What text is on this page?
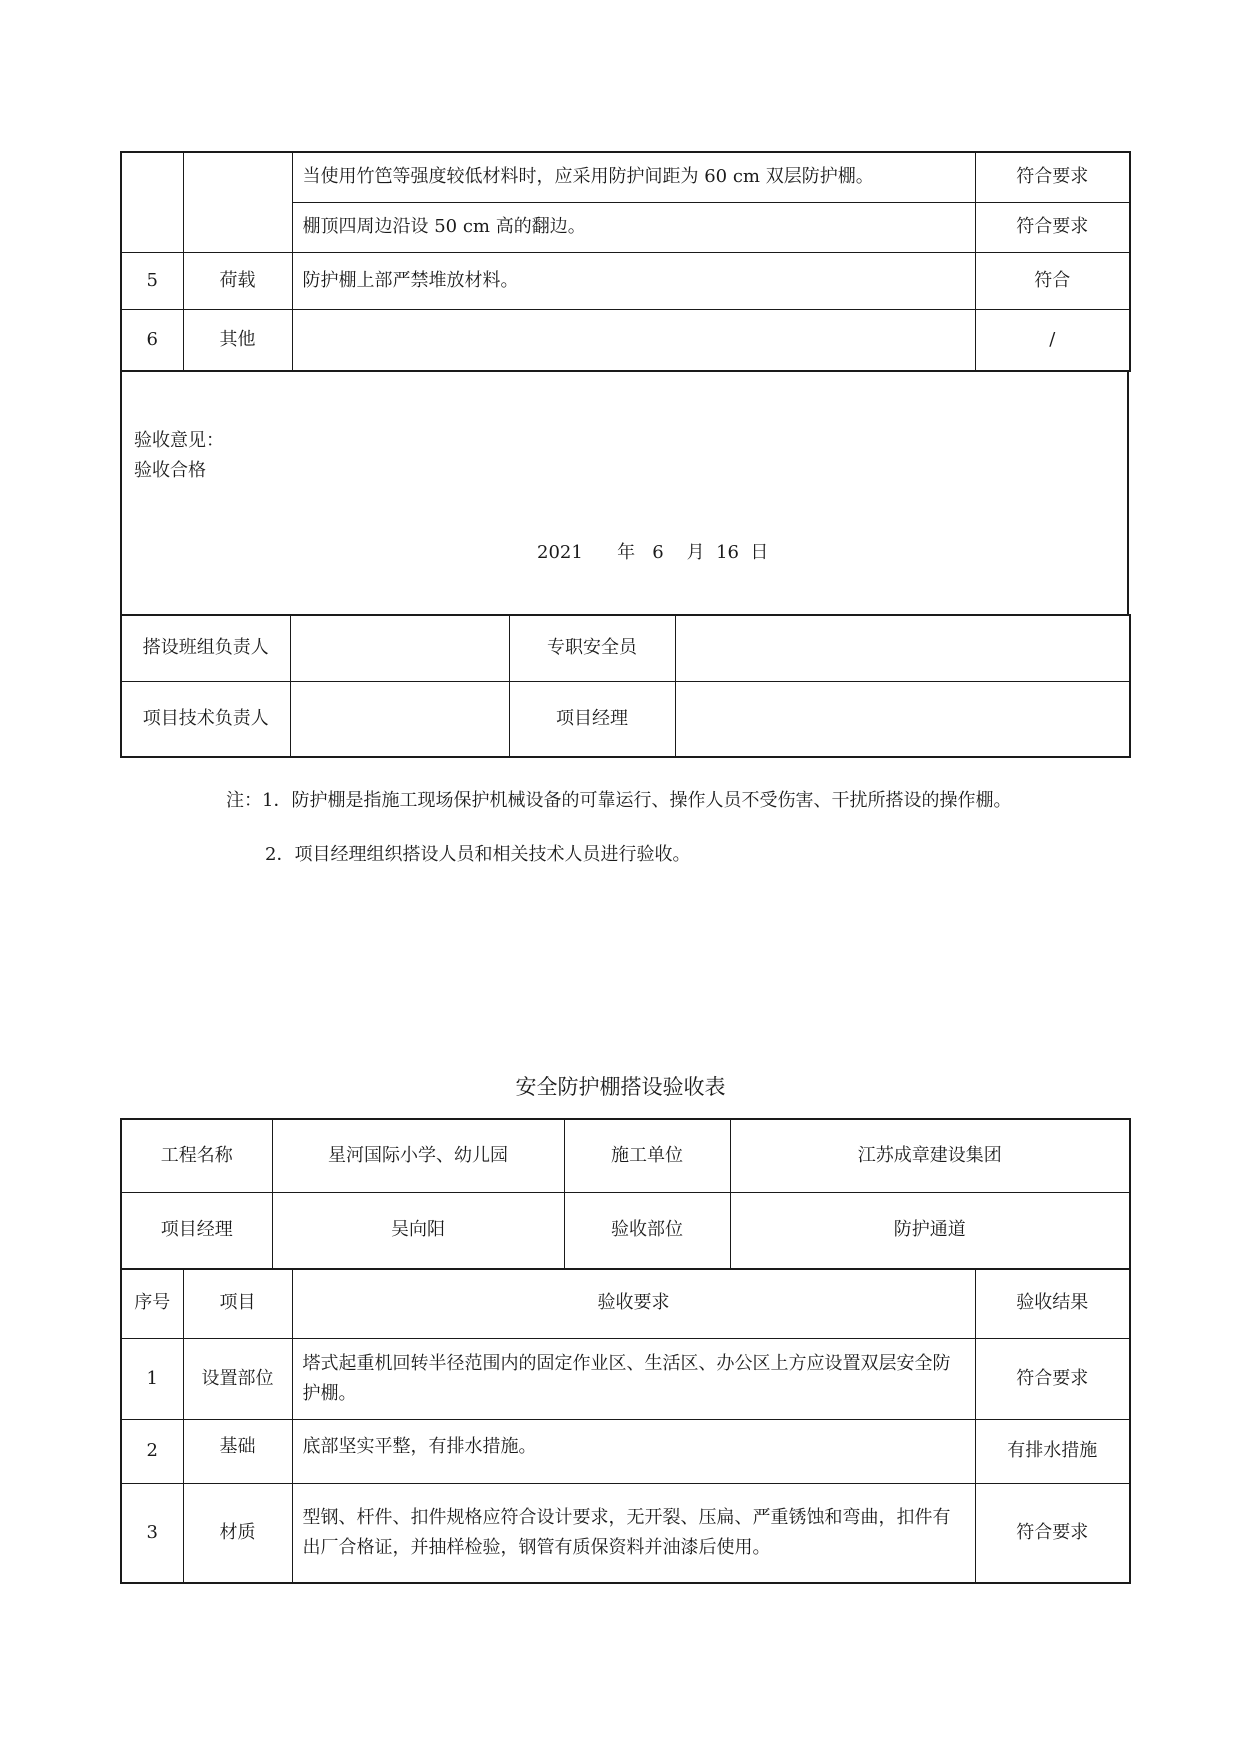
		当使用竹笆等强度较低材料时，应采用防护间距为 60 cm 双层防护棚。	符合要求
		棚顶四周边沿设 50 cm 高的翻边。	符合要求
5	荷载	防护棚上部严禁堆放材料。	符合
6	其他		/
验收意见：
验收合格
2021      年   6    月  16  日
搭设班组负责人		专职安全员	
项目技术负责人		项目经理	
注：1．防护棚是指施工现场保护机械设备的可靠运行、操作人员不受伤害、干扰所搭设的操作棚。
2．项目经理组织搭设人员和相关技术人员进行验收。
安全防护棚搭设验收表
工程名称	星河国际小学、幼儿园	施工单位	江苏成章建设集团
项目经理	吴向阳	验收部位	防护通道
序号	项目	验收要求	验收结果
1	设置部位	塔式起重机回转半径范围内的固定作业区、生活区、办公区上方应设置双层安全防护棚。	符合要求
2	基础	底部坚实平整，有排水措施。	有排水措施
3	材质	型钢、杆件、扣件规格应符合设计要求，无开裂、压扁、严重锈蚀和弯曲，扣件有出厂合格证，并抽样检验，钢管有质保资料并油漆后使用。	符合要求
